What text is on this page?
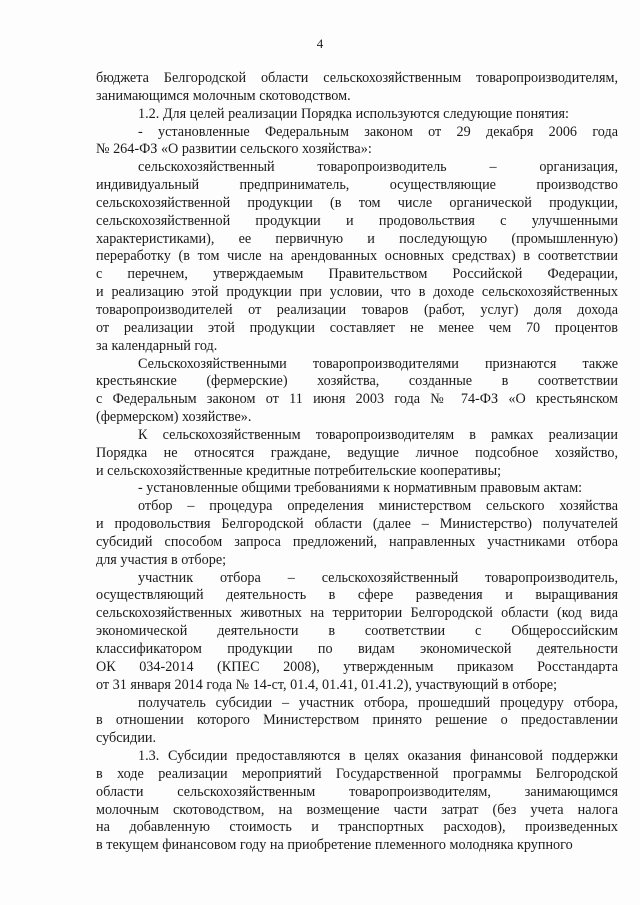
4

бюджета Белгородской области сельскохозяйственным товаропроизводителям,
занимающимся молочным скотоводством.

1.2. Для целей реализации Порядка используются следующие понятия:

- установленные Федеральным законом от 29 декабря 2006 года
№ 264-ФЗ «О развитии сельского хозяйства»:

сельскохозяйственный товаропроизводитель – организация,
индивидуальный предприниматель, осуществляющие производство
сельскохозяйственной продукции (в том числе органической продукции,
сельскохозяйственной продукции и продовольствия с улучшенными
характеристиками), ее первичную и последующую (промышленную)
переработку (в том числе на арендованных основных средствах) в соответствии
с перечнем, утверждаемым Правительством Российской Федерации,
и реализацию этой продукции при условии, что в доходе сельскохозяйственных
товаропроизводителей от реализации товаров (работ, услуг) доля дохода
от реализации этой продукции составляет не менее чем 70 процентов
за календарный год.

Сельскохозяйственными товаропроизводителями признаются также
крестьянские (фермерские) хозяйства, созданные в соответствии
с Федеральным законом от 11 июня 2003 года № 74-ФЗ «О крестьянском
(фермерском) хозяйстве».

К сельскохозяйственным товаропроизводителям в рамках реализации
Порядка не относятся граждане, ведущие личное подсобное хозяйство,
и сельскохозяйственные кредитные потребительские кооперативы;

- установленные общими требованиями к нормативным правовым актам:

отбор – процедура определения министерством сельского хозяйства
и продовольствия Белгородской области (далее – Министерство) получателей
субсидий способом запроса предложений, направленных участниками отбора
для участия в отборе;

участник отбора – сельскохозяйственный товаропроизводитель,
осуществляющий деятельность в сфере разведения и выращивания
сельскохозяйственных животных на территории Белгородской области (код вида
экономической деятельности в соответствии с Общероссийским
классификатором продукции по видам экономической деятельности
ОК 034-2014 (КПЕС 2008), утвержденным приказом Росстандарта
от 31 января 2014 года № 14-ст, 01.4, 01.41, 01.41.2), участвующий в отборе;

получатель субсидии – участник отбора, прошедший процедуру отбора,
в отношении которого Министерством принято решение о предоставлении
субсидии.

1.3. Субсидии предоставляются в целях оказания финансовой поддержки
в ходе реализации мероприятий Государственной программы Белгородской
области сельскохозяйственным товаропроизводителям, занимающимся
молочным скотоводством, на возмещение части затрат (без учета налога
на добавленную стоимость и транспортных расходов), произведенных
в текущем финансовом году на приобретение племенного молодняка крупного
